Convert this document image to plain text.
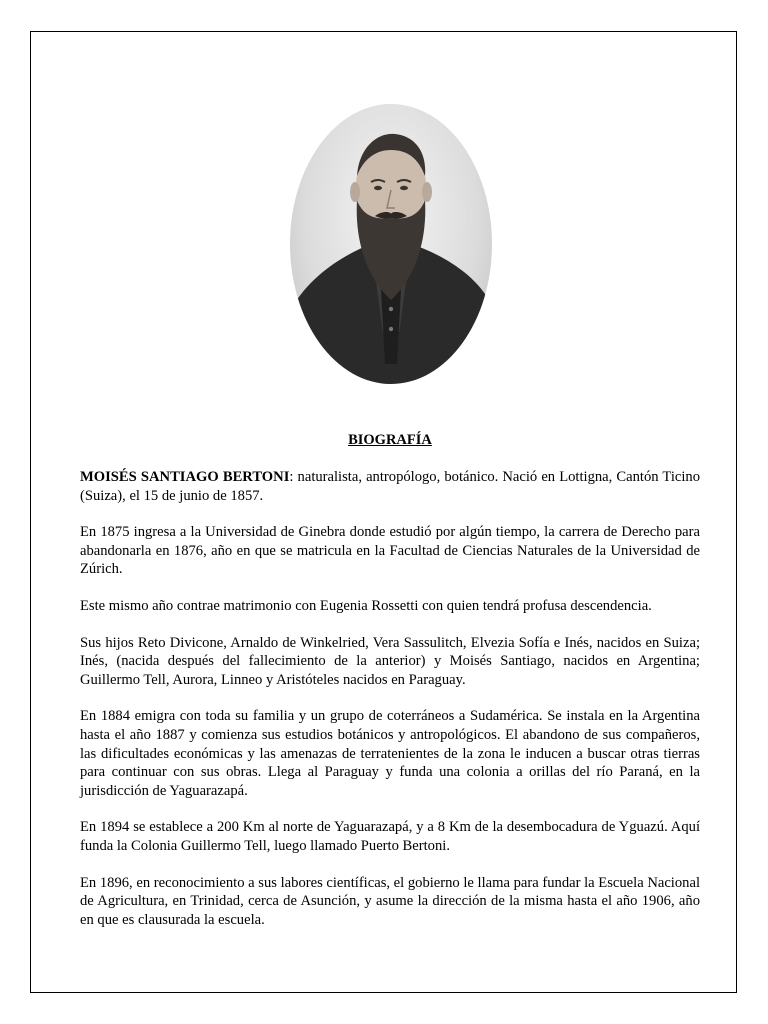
BIOGRAFÍA

MOISÉS SANTIAGO BERTONI: naturalista, antropólogo, botánico. Nació en Lottigna, Cantón Ticino (Suiza), el 15 de junio de 1857.

En 1875 ingresa a la Universidad de Ginebra donde estudió por algún tiempo, la carrera de Derecho para abandonarla en 1876, año en que se matricula en la Facultad de Ciencias Naturales de la Universidad de Zúrich.

Este mismo año contrae matrimonio con Eugenia Rossetti con quien tendrá profusa descendencia.

Sus hijos Reto Divicone, Arnaldo de Winkelried, Vera Sassulitch, Elvezia Sofía e Inés, nacidos en Suiza; Inés, (nacida después del fallecimiento de la anterior) y Moisés Santiago, nacidos en Argentina; Guillermo Tell, Aurora, Linneo y Aristóteles nacidos en Paraguay.

En 1884 emigra con toda su familia y un grupo de coterráneos a Sudamérica. Se instala en la Argentina hasta el año 1887 y comienza sus estudios botánicos y antropológicos. El abandono de sus compañeros, las dificultades económicas y las amenazas de terratenientes de la zona le inducen a buscar otras tierras para continuar con sus obras. Llega al Paraguay y funda una colonia a orillas del río Paraná, en la jurisdicción de Yaguarazapá.

En 1894 se establece a 200 Km al norte de Yaguarazapá, y a 8 Km de la desembocadura de Yguazú. Aquí funda la Colonia Guillermo Tell, luego llamado Puerto Bertoni.

En 1896, en reconocimiento a sus labores científicas, el gobierno le llama para fundar la Escuela Nacional de Agricultura, en Trinidad, cerca de Asunción, y asume la dirección de la misma hasta el año 1906, año en que es clausurada la escuela.
